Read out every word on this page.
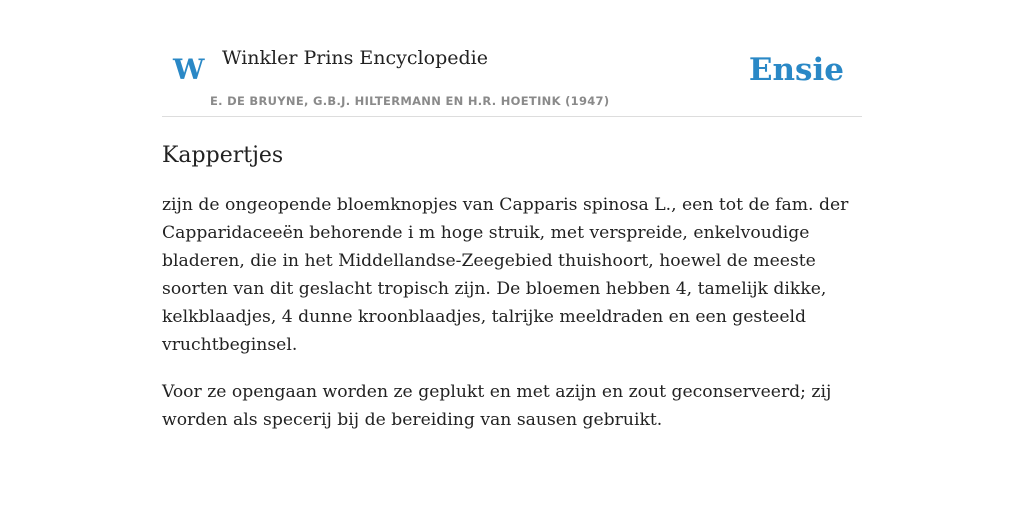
W Winkler Prins Encyclopedie
E. DE BRUYNE, G.B.J. HILTERMANN EN H.R. HOETINK (1947)
Ensie
Kappertjes

zijn de ongeopende bloemknopjes van Capparis spinosa L., een tot de fam. der Capparidaceeën behorende i m hoge struik, met verspreide, enkelvoudige bladeren, die in het Middellandse-Zeegebied thuishoort, hoewel de meeste soorten van dit geslacht tropisch zijn. De bloemen hebben 4, tamelijk dikke, kelkblaadjes, 4 dunne kroonblaadjes, talrijke meeldraden en een gesteeld vruchtbeginsel.

Voor ze opengaan worden ze geplukt en met azijn en zout geconserveerd; zij worden als specerij bij de bereiding van sausen gebruikt.
